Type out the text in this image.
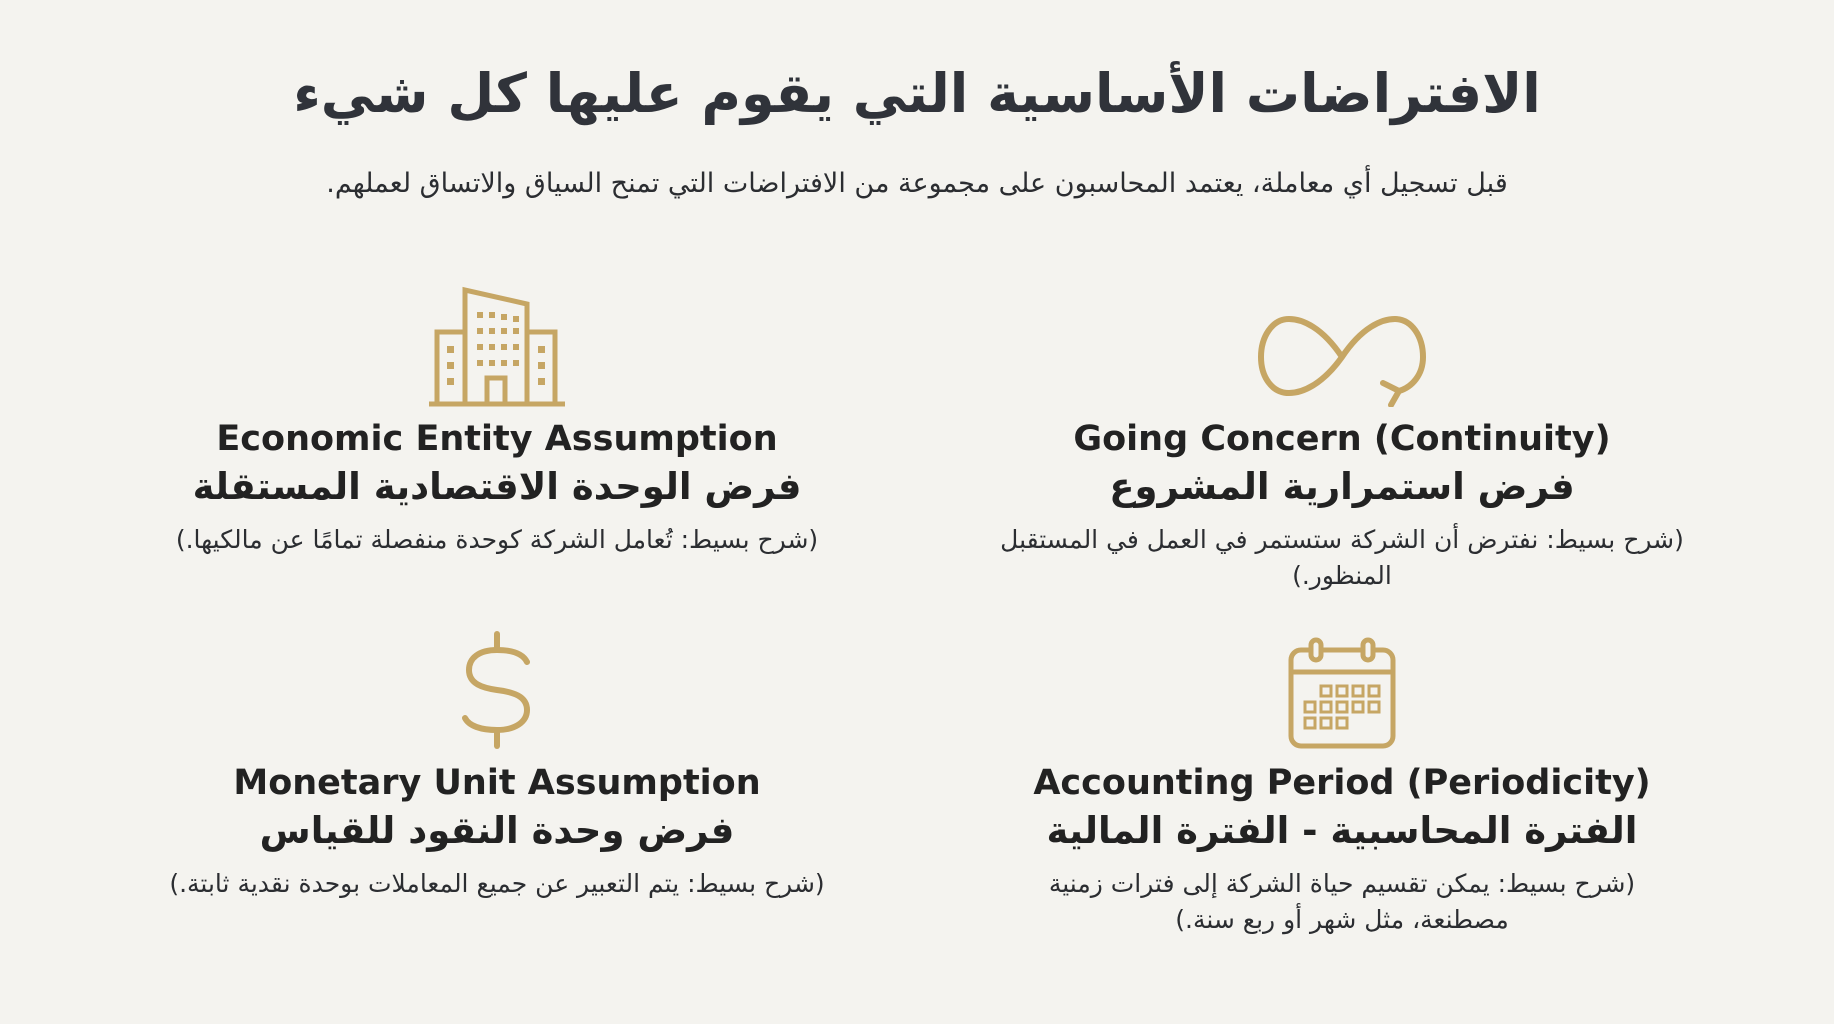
الافتراضات الأساسية التي يقوم عليها كل شيء
قبل تسجيل أي معاملة، يعتمد المحاسبون على مجموعة من الافتراضات التي تمنح السياق والاتساق لعملهم.
Economic Entity Assumption
فرض الوحدة الاقتصادية المستقلة
(شرح بسيط: تُعامل الشركة كوحدة منفصلة تمامًا عن مالكيها.)
Going Concern (Continuity)
فرض استمرارية المشروع
(شرح بسيط: نفترض أن الشركة ستستمر في العمل في المستقبل المنظور.)
Monetary Unit Assumption
فرض وحدة النقود للقياس
(شرح بسيط: يتم التعبير عن جميع المعاملات بوحدة نقدية ثابتة.)
Accounting Period (Periodicity)
الفترة المحاسبية - الفترة المالية
(شرح بسيط: يمكن تقسيم حياة الشركة إلى فترات زمنية مصطنعة، مثل شهر أو ربع سنة.)
